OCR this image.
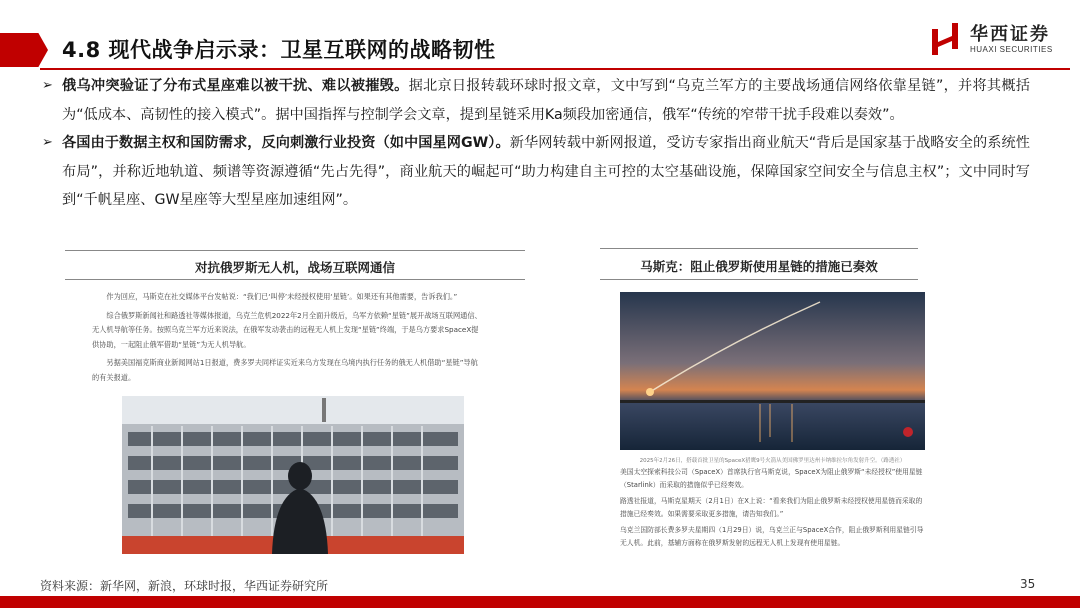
4.8 现代战争启示录：卫星互联网的战略韧性
华西证券
HUAXI SECURITIES
➢ 俄乌冲突验证了分布式星座难以被干扰、难以被摧毁。据北京日报转载环球时报文章，文中写到“乌克兰军方的主要战场通信网络依靠星链”，并将其概括为“低成本、高韧性的接入模式”。据中国指挥与控制学会文章，提到星链采用Ka频段加密通信，俄军“传统的窄带干扰手段难以奏效”。
➢ 各国由于数据主权和国防需求，反向刺激行业投资（如中国星网GW）。新华网转载中新网报道，受访专家指出商业航天“背后是国家基于战略安全的系统性布局”，并称近地轨道、频谱等资源遵循“先占先得”，商业航天的崛起可“助力构建自主可控的太空基础设施，保障国家空间安全与信息主权”；文中同时写到“千帆星座、GW星座等大型星座加速组网”。
对抗俄罗斯无人机，战场互联网通信

作为回应，马斯克在社交媒体平台发帖说：“我们已‘叫停’未经授权使用‘星链’。如果还有其他需要，告诉我们。”

综合俄罗斯新闻社和路透社等媒体报道，乌克兰危机2022年2月全面升级后，乌军方依赖“星链”展开战场互联网通信、无人机导航等任务。按照乌克兰军方近来说法，在俄军发动袭击的远程无人机上发现“星链”终端，于是乌方要求SpaceX提供协助，一起阻止俄军借助“星链”为无人机导航。

另据美国福克斯商业新闻网站1日报道，费多罗夫同样证实近来乌方发现在乌境内执行任务的俄无人机借助“星链”导航的有关报道。

马斯克：阻止俄罗斯使用星链的措施已奏效
2025年2月26日，搭载首批卫星的SpaceX猎鹰9号火箭从美国佛罗里达州卡纳维拉尔角发射升空。（路透社）

美国太空探索科技公司（SpaceX）首席执行官马斯克说，SpaceX为阻止俄罗斯“未经授权”使用星链（Starlink）而采取的措施似乎已经奏效。

路透社报道，马斯克星期天（2月1日）在X上说：“看来我们为阻止俄罗斯未经授权使用星链而采取的措施已经奏效。如果需要采取更多措施，请告知我们。”

乌克兰国防部长费多罗夫星期四（1月29日）说，乌克兰正与SpaceX合作，阻止俄罗斯利用星链引导无人机。此前，基辅方面称在俄罗斯发射的远程无人机上发现有使用星链。

资料来源：新华网，新浪，环球时报，华西证券研究所	35
